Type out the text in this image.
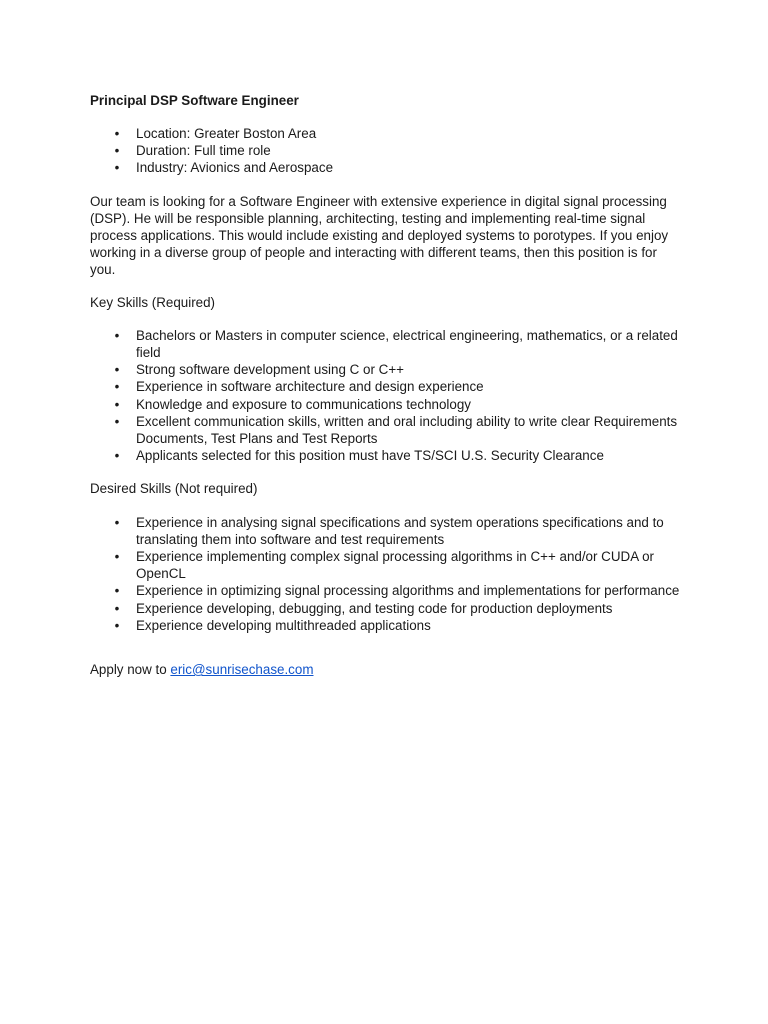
Principal DSP Software Engineer
• Location: Greater Boston Area
• Duration: Full time role
• Industry: Avionics and Aerospace

Our team is looking for a Software Engineer with extensive experience in digital signal processing (DSP). He will be responsible planning, architecting, testing and implementing real-time signal process applications. This would include existing and deployed systems to porotypes. If you enjoy working in a diverse group of people and interacting with different teams, then this position is for you.

Key Skills (Required)
• Bachelors or Masters in computer science, electrical engineering, mathematics, or a related field
• Strong software development using C or C++
• Experience in software architecture and design experience
• Knowledge and exposure to communications technology
• Excellent communication skills, written and oral including ability to write clear Requirements Documents, Test Plans and Test Reports
• Applicants selected for this position must have TS/SCI U.S. Security Clearance
Desired Skills (Not required)
• Experience in analysing signal specifications and system operations specifications and to translating them into software and test requirements
• Experience implementing complex signal processing algorithms in C++ and/or CUDA or OpenCL
• Experience in optimizing signal processing algorithms and implementations for performance
• Experience developing, debugging, and testing code for production deployments
• Experience developing multithreaded applications

Apply now to eric@sunrisechase.com
